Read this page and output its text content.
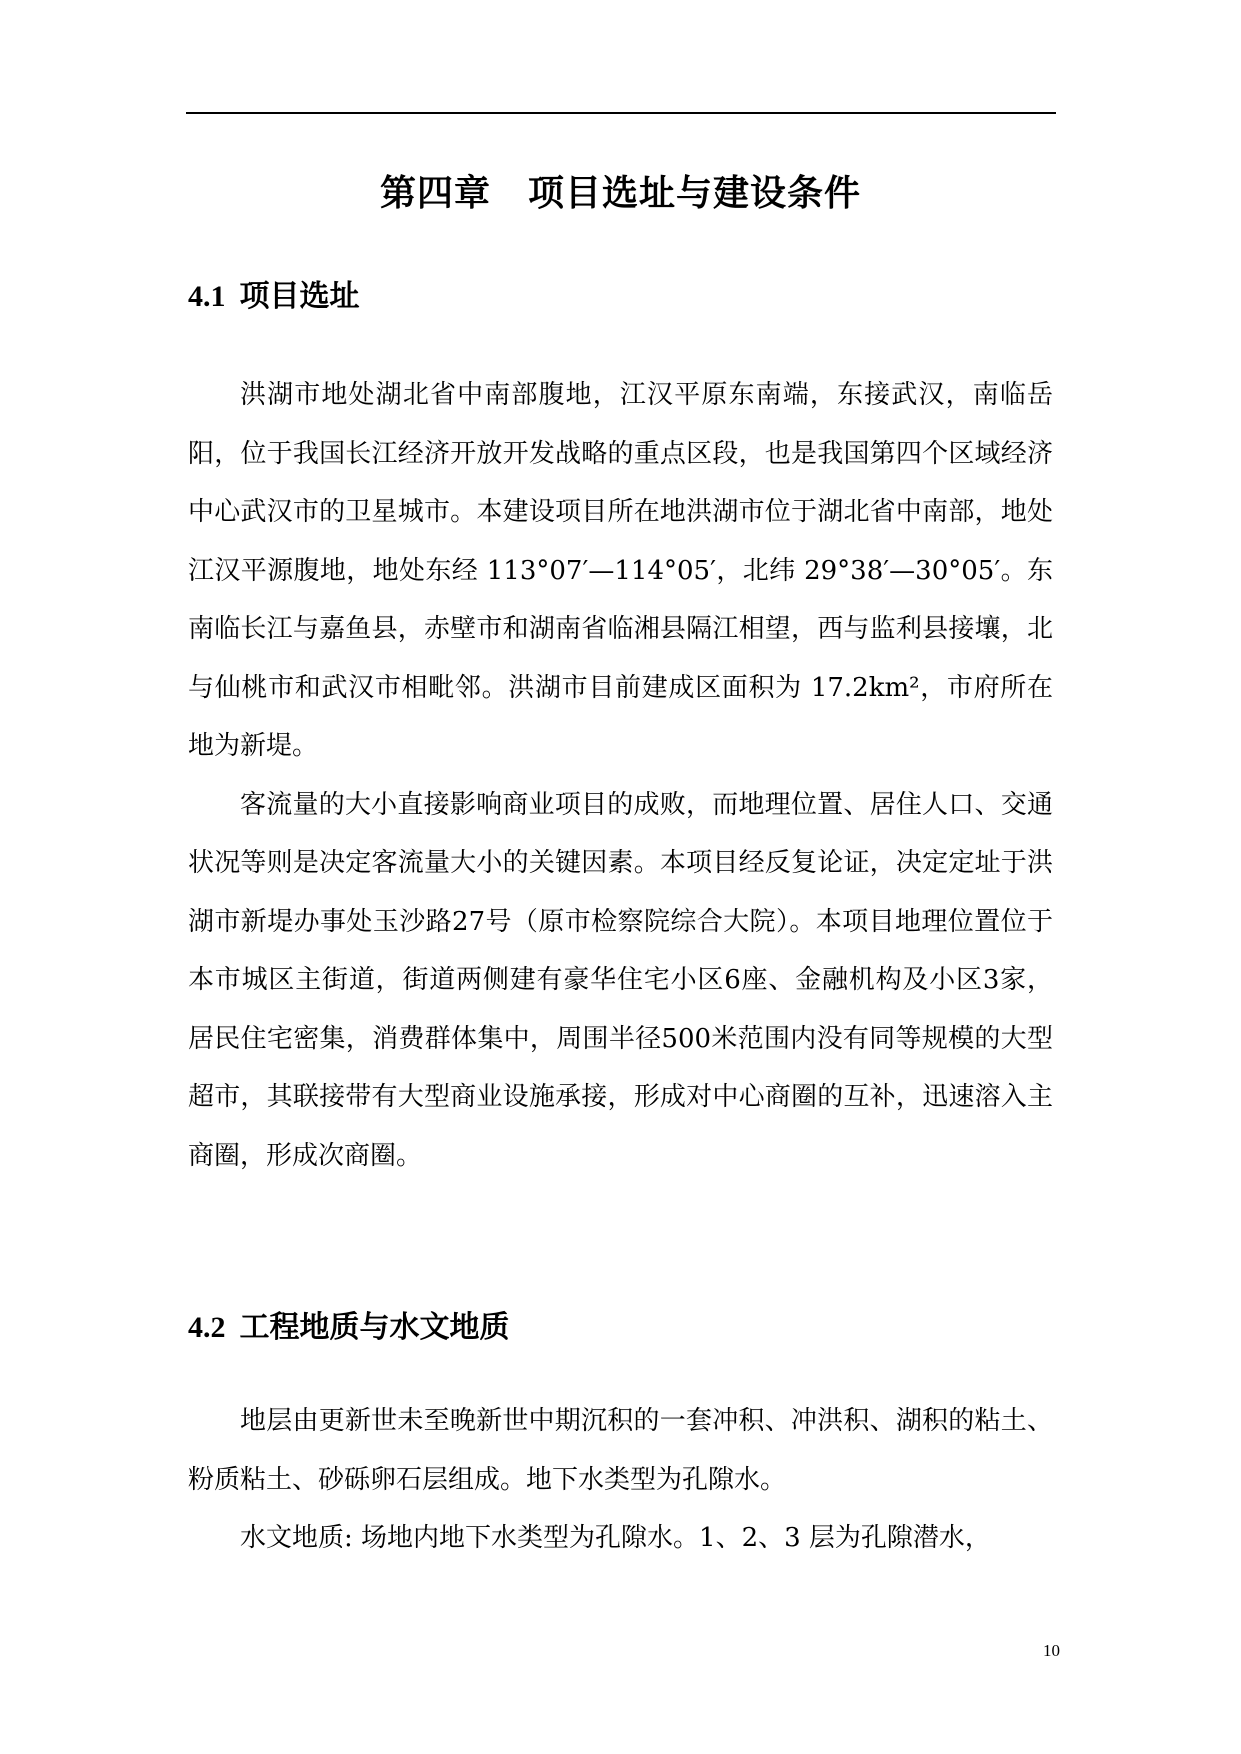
第四章　项目选址与建设条件
4.1 项目选址

洪湖市地处湖北省中南部腹地，江汉平原东南端，东接武汉，南临岳阳，位于我国长江经济开放开发战略的重点区段，也是我国第四个区域经济中心武汉市的卫星城市。本建设项目所在地洪湖市位于湖北省中南部，地处江汉平源腹地，地处东经 113°07′—114°05′，北纬 29°38′—30°05′。东南临长江与嘉鱼县，赤壁市和湖南省临湘县隔江相望，西与监利县接壤，北与仙桃市和武汉市相毗邻。洪湖市目前建成区面积为 17.2km²，市府所在地为新堤。

客流量的大小直接影响商业项目的成败，而地理位置、居住人口、交通状况等则是决定客流量大小的关键因素。本项目经反复论证，决定定址于洪湖市新堤办事处玉沙路27号（原市检察院综合大院）。本项目地理位置位于本市城区主街道，街道两侧建有豪华住宅小区6座、金融机构及小区3家，居民住宅密集，消费群体集中，周围半径500米范围内没有同等规模的大型超市，其联接带有大型商业设施承接，形成对中心商圈的互补，迅速溶入主商圈，形成次商圈。

4.2 工程地质与水文地质

地层由更新世未至晚新世中期沉积的一套冲积、冲洪积、湖积的粘土、粉质粘土、砂砾卵石层组成。地下水类型为孔隙水。

水文地质: 场地内地下水类型为孔隙水。1、2、3 层为孔隙潜水，

10
